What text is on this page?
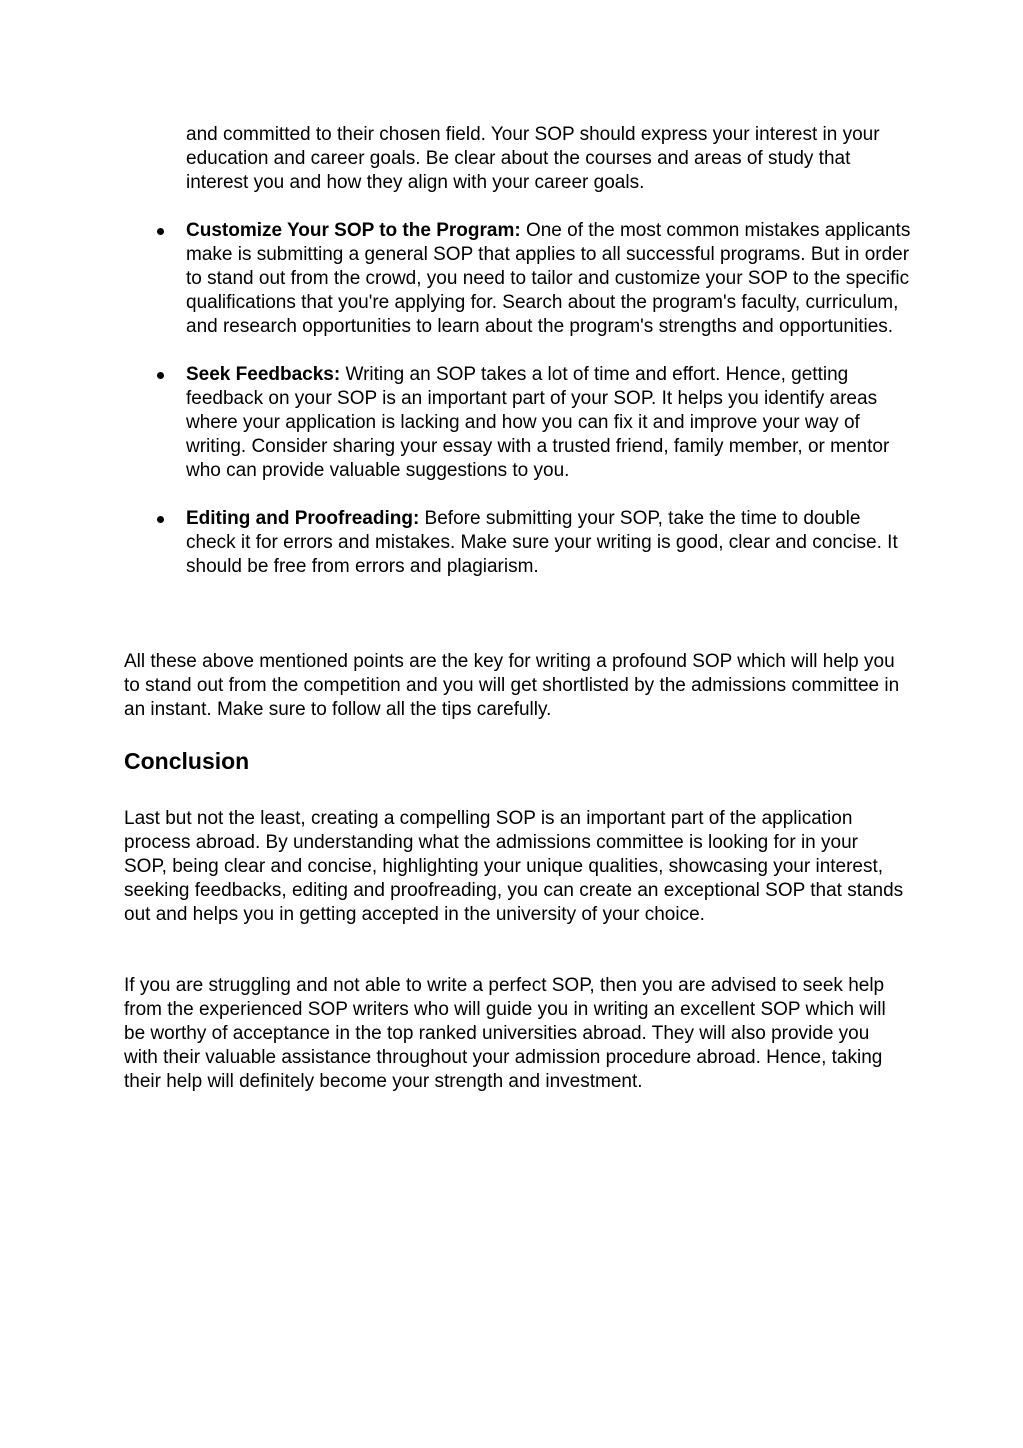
and committed to their chosen field. Your SOP should express your interest in your education and career goals. Be clear about the courses and areas of study that interest you and how they align with your career goals.

Customize Your SOP to the Program: One of the most common mistakes applicants make is submitting a general SOP that applies to all successful programs. But in order to stand out from the crowd, you need to tailor and customize your SOP to the specific qualifications that you're applying for. Search about the program's faculty, curriculum, and research opportunities to learn about the program's strengths and opportunities.
Seek Feedbacks: Writing an SOP takes a lot of time and effort. Hence, getting feedback on your SOP is an important part of your SOP. It helps you identify areas where your application is lacking and how you can fix it and improve your way of writing. Consider sharing your essay with a trusted friend, family member, or mentor who can provide valuable suggestions to you.
Editing and Proofreading: Before submitting your SOP, take the time to double check it for errors and mistakes. Make sure your writing is good, clear and concise. It should be free from errors and plagiarism.

All these above mentioned points are the key for writing a profound SOP which will help you to stand out from the competition and you will get shortlisted by the admissions committee in an instant. Make sure to follow all the tips carefully.

Conclusion

Last but not the least, creating a compelling SOP is an important part of the application process abroad. By understanding what the admissions committee is looking for in your SOP, being clear and concise, highlighting your unique qualities, showcasing your interest, seeking feedbacks, editing and proofreading, you can create an exceptional SOP that stands out and helps you in getting accepted in the university of your choice.

If you are struggling and not able to write a perfect SOP, then you are advised to seek help from the experienced SOP writers who will guide you in writing an excellent SOP which will be worthy of acceptance in the top ranked universities abroad. They will also provide you with their valuable assistance throughout your admission procedure abroad. Hence, taking their help will definitely become your strength and investment.
